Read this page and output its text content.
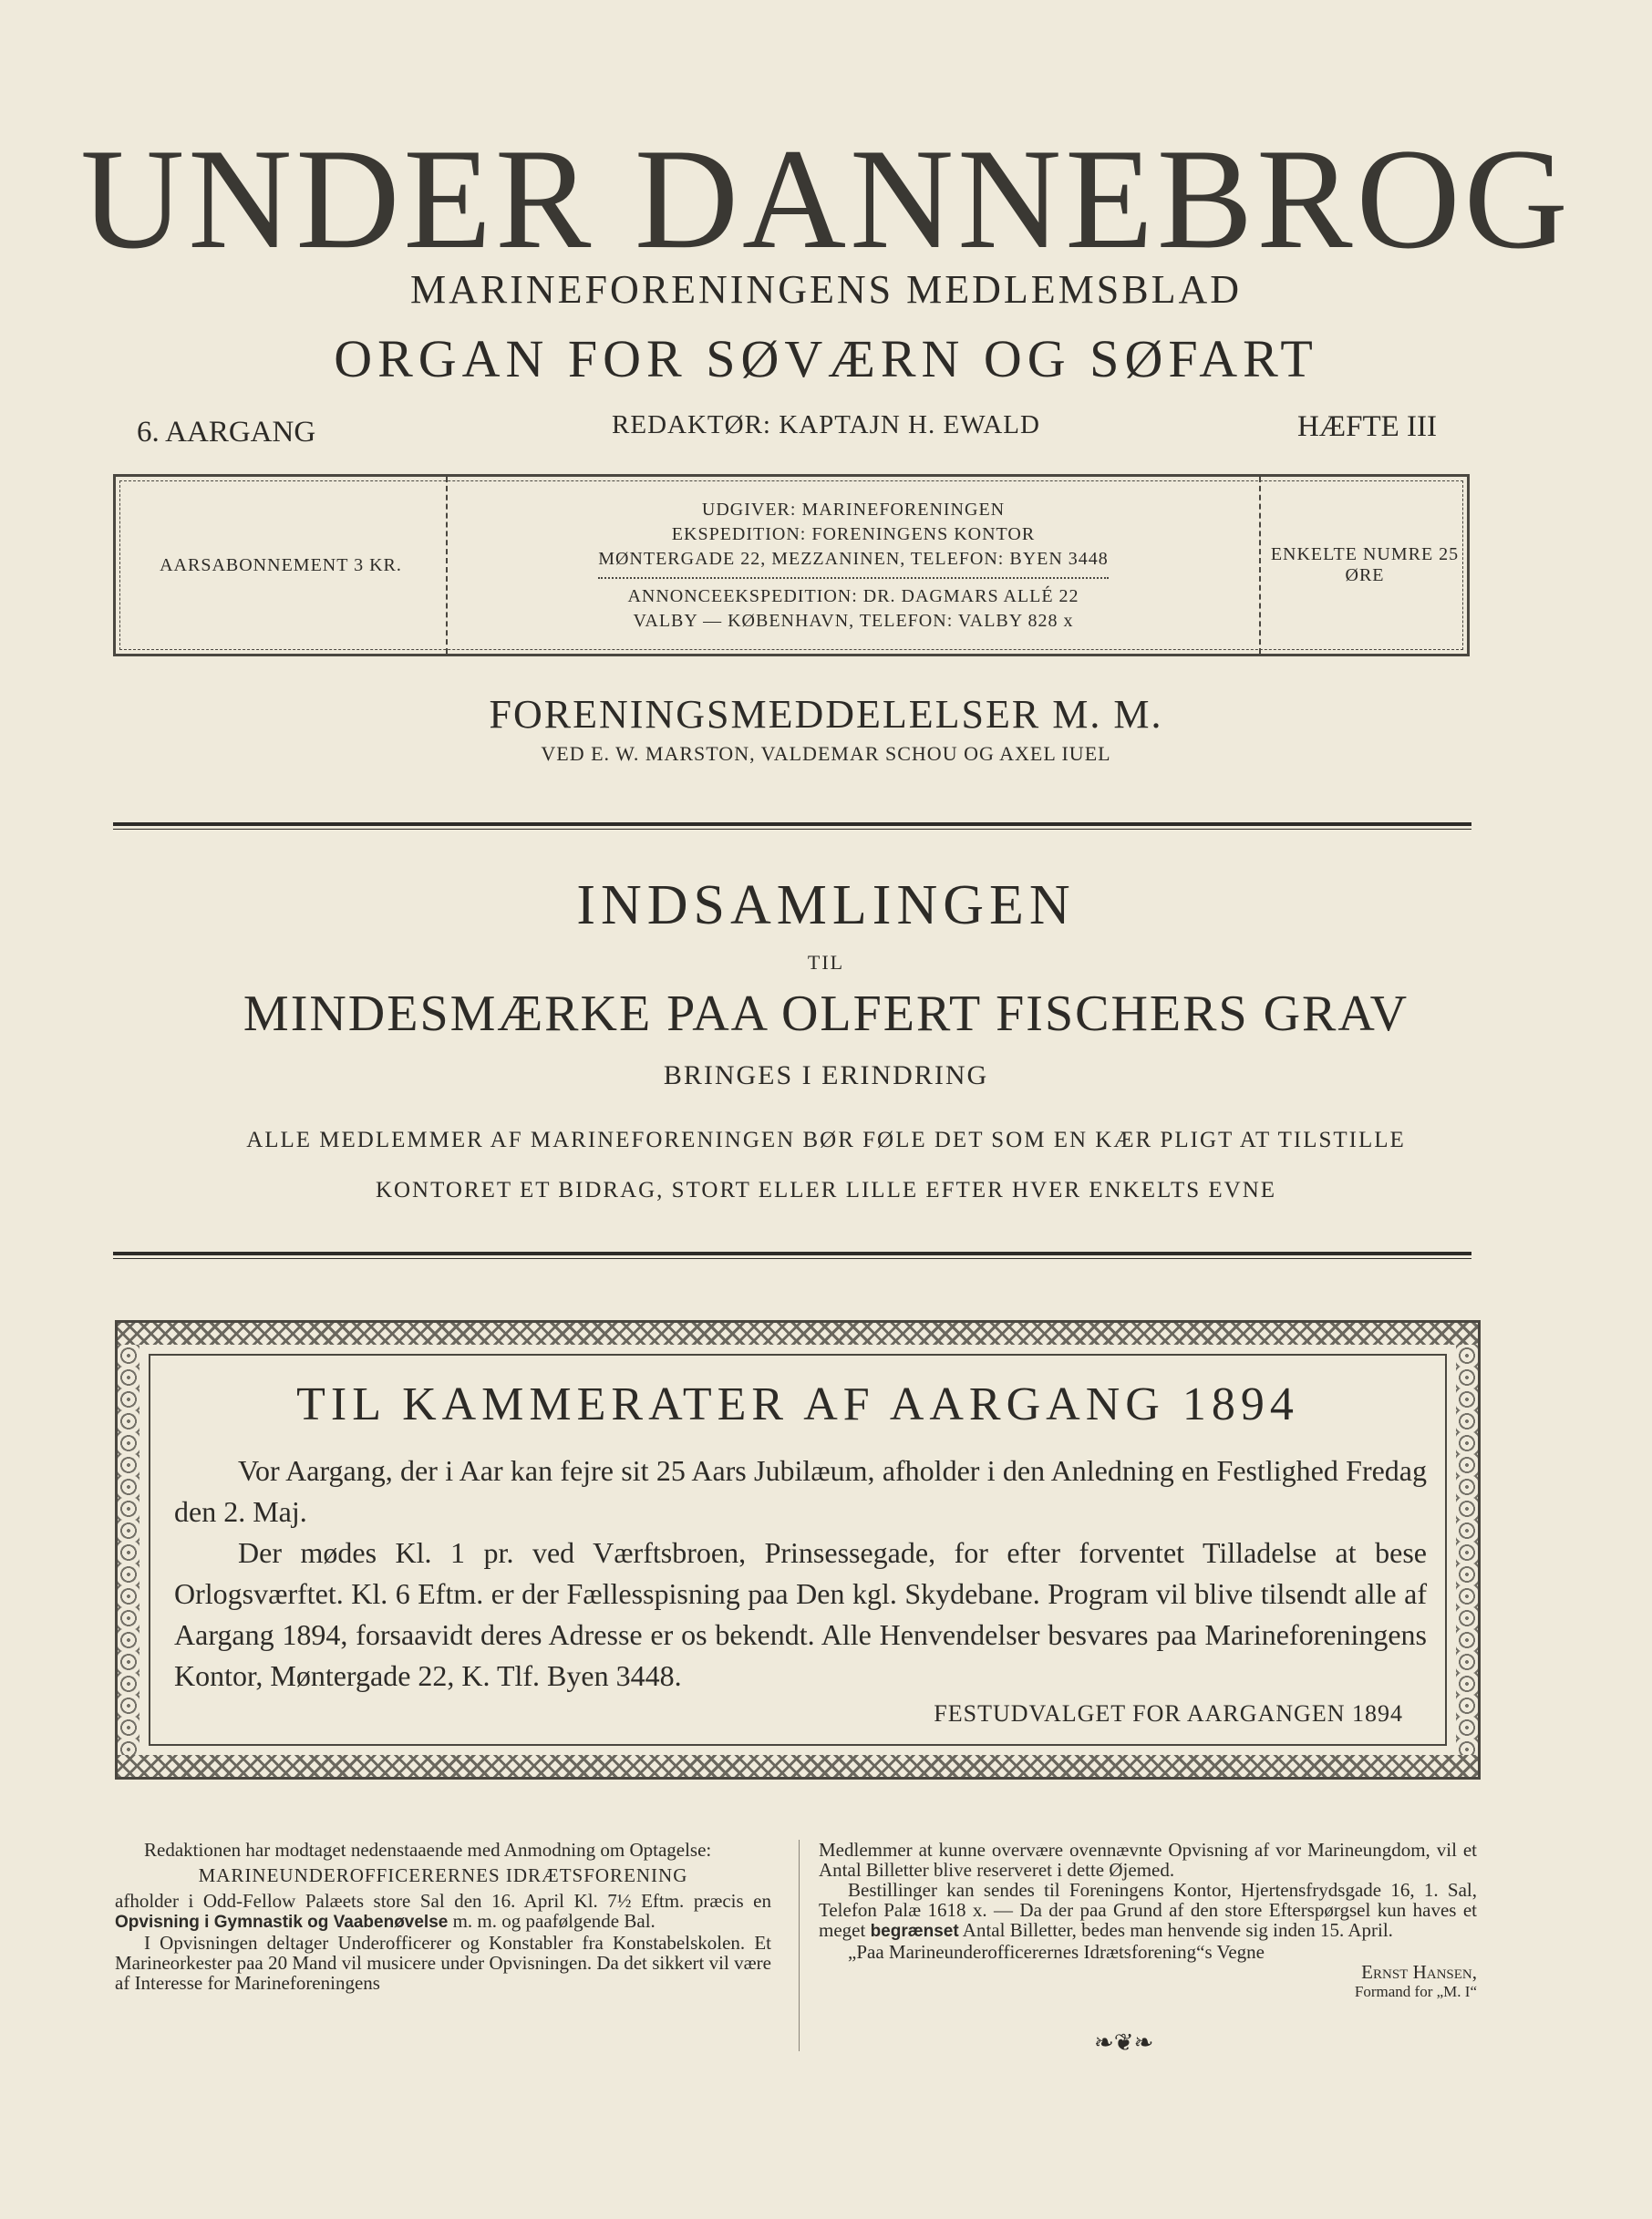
UNDER DANNEBROG
MARINEFORENINGENS MEDLEMSBLAD
ORGAN FOR SØVÆRN OG SØFART
6. AARGANG	REDAKTØR: KAPTAJN H. EWALD	HÆFTE III
AARSABONNEMENT 3 KR.
UDGIVER: MARINEFORENINGEN
EKSPEDITION: FORENINGENS KONTOR
MØNTERGADE 22, MEZZANINEN, TELEFON: BYEN 3448
ANNONCEEKSPEDITION: DR. DAGMARS ALLÉ 22
VALBY — KØBENHAVN, TELEFON: VALBY 828 x
ENKELTE NUMRE 25 ØRE
FORENINGSMEDDELELSER M. M.
VED E. W. MARSTON, VALDEMAR SCHOU OG AXEL IUEL
INDSAMLINGEN
TIL
MINDESMÆRKE PAA OLFERT FISCHERS GRAV
BRINGES I ERINDRING
ALLE MEDLEMMER AF MARINEFORENINGEN BØR FØLE DET SOM EN KÆR PLIGT AT TILSTILLE
KONTORET ET BIDRAG, STORT ELLER LILLE EFTER HVER ENKELTS EVNE
TIL KAMMERATER AF AARGANG 1894

Vor Aargang, der i Aar kan fejre sit 25 Aars Jubilæum, afholder i den Anledning en Festlighed Fredag den 2. Maj.

Der mødes Kl. 1 pr. ved Værftsbroen, Prinsessegade, for efter forventet Tilladelse at bese Orlogsværftet. Kl. 6 Eftm. er der Fællesspisning paa Den kgl. Skydebane. Program vil blive tilsendt alle af Aargang 1894, forsaavidt deres Adresse er os bekendt. Alle Henvendelser besvares paa Marineforeningens Kontor, Møntergade 22, K. Tlf. Byen 3448.

FESTUDVALGET FOR AARGANGEN 1894

Redaktionen har modtaget nedenstaaende med Anmodning om Optagelse:

MARINEUNDEROFFICERERNES IDRÆTSFORENING

afholder i Odd-Fellow Palæets store Sal den 16. April Kl. 7½ Eftm. præcis en Opvisning i Gymnastik og Vaabenøvelse m. m. og paafølgende Bal.

I Opvisningen deltager Underofficerer og Konstabler fra Konstabelskolen. Et Marineorkester paa 20 Mand vil musicere under Opvisningen. Da det sikkert vil være af Interesse for Marineforeningens

Medlemmer at kunne overvære ovennævnte Opvisning af vor Marineungdom, vil et Antal Billetter blive reserveret i dette Øjemed.

Bestillinger kan sendes til Foreningens Kontor, Hjertensfrydsgade 16, 1. Sal, Telefon Palæ 1618 x. — Da der paa Grund af den store Efterspørgsel kun haves et meget begrænset Antal Billetter, bedes man henvende sig inden 15. April.

„Paa Marineunderofficerernes Idrætsforening“s Vegne

Ernst Hansen,

Formand for „M. I“

❧❦❧
